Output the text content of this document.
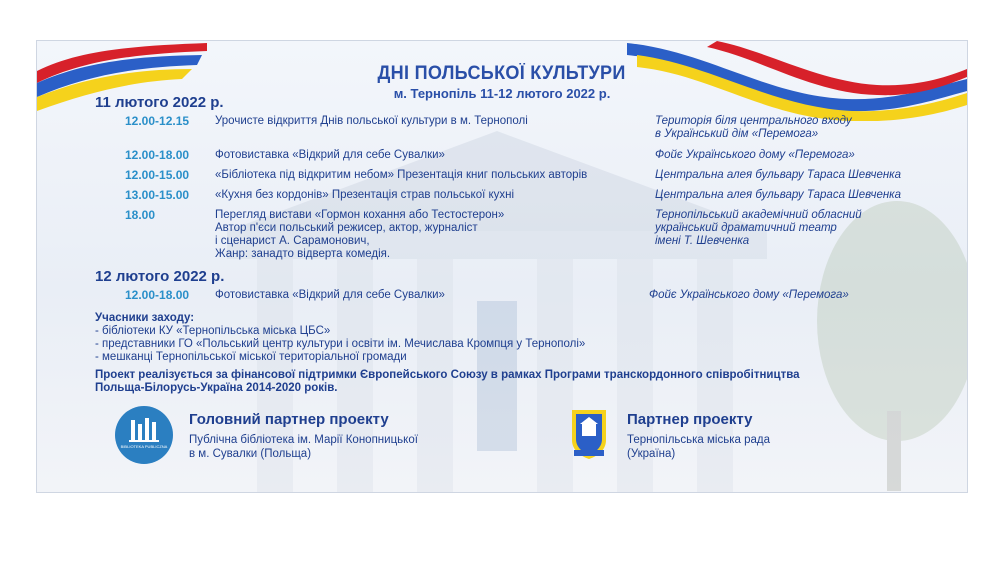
ДНІ ПОЛЬСЬКОЇ КУЛЬТУРИ
м. Тернопіль 11-12 лютого 2022 р.
11 лютого 2022 р.
12.00-12.15 Урочисте відкриття Днів польської культури в м. Тернополі	Територія біля центрального входу
в Український дім «Перемога»
12.00-18.00 Фотовиставка «Відкрий для себе Сувалки»	Фойє Українського дому «Перемога»
12.00-15.00 «Бібліотека під відкритим небом» Презентація книг польських авторів	Центральна алея бульвару Тараса Шевченка
13.00-15.00 «Кухня без кордонів» Презентація страв польської кухні	Центральна алея бульвару Тараса Шевченка
18.00	Перегляд вистави «Гормон кохання або Тестостерон»
Автор п'єси польський режисер, актор, журналіст
і сценарист А. Сарамонович,
Жанр: занадто відверта комедія.
Тернопільський академічний обласний
український драматичний театр
імені Т. Шевченка
12 лютого 2022 р.
12.00-18.00 Фотовиставка «Відкрий для себе Сувалки»	Фойє Українського дому «Перемога»
Учасники заходу:
- бібліотеки КУ «Тернопільська міська ЦБС»
- представники ГО «Польський центр культури і освіти ім. Мечислава Кромпця у Тернополі»
- мешканці Тернопільської міської територіальної громади
Проект реалізується за фінансової підтримки Європейського Союзу в рамках Програми транскордонного співробітництва
Польща-Білорусь-Україна 2014-2020 років.
BIBLIOTEKA PUBLICZNA
Головний партнер проекту
Публічна бібліотека ім. Марії Конопницької
в м. Сувалки (Польща)
Партнер проекту
Тернопільська міська рада
(Україна)
